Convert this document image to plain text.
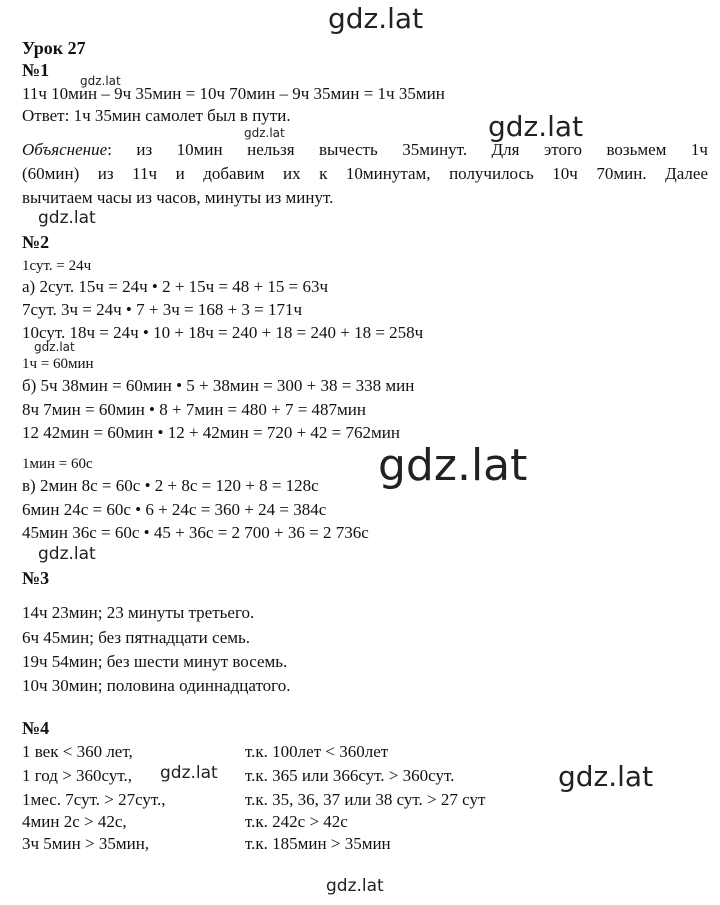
gdz.lat
gdz.lat
gdz.lat
gdz.lat
gdz.lat
gdz.lat
gdz.lat
gdz.lat
gdz.lat	gdz.lat
gdz.lat
Урок 27
№1
11ч 10мин – 9ч 35мин = 10ч 70мин – 9ч 35мин = 1ч 35мин
Ответ: 1ч 35мин самолет был в пути.
Объяснение: из 10мин нельзя вычесть 35минут. Для этого возьмем 1ч
(60мин) из 11ч и добавим их к 10минутам, получилось 10ч 70мин. Далее
вычитаем часы из часов, минуты из минут.
№2
1сут. = 24ч
а) 2сут. 15ч = 24ч • 2 + 15ч = 48 + 15 = 63ч
7сут. 3ч = 24ч • 7 + 3ч = 168 + 3 = 171ч
10сут. 18ч = 24ч • 10 + 18ч = 240 + 18 = 240 + 18 = 258ч
1ч = 60мин
б) 5ч 38мин = 60мин • 5 + 38мин = 300 + 38 = 338 мин
8ч 7мин = 60мин • 8 + 7мин = 480 + 7 = 487мин
12 42мин = 60мин • 12 + 42мин = 720 + 42 = 762мин
1мин = 60с
в) 2мин 8с = 60с • 2 + 8с = 120 + 8 = 128с
6мин 24с = 60с • 6 + 24с = 360 + 24 = 384с
45мин 36с = 60с • 45 + 36с = 2 700 + 36 = 2 736с
№3
14ч 23мин; 23 минуты третьего.
6ч 45мин; без пятнадцати семь.
19ч 54мин; без шести минут восемь.
10ч 30мин; половина одиннадцатого.
№4
1 век < 360 лет,	т.к. 100лет < 360лет
1 год > 360сут.,	т.к. 365 или 366сут. > 360сут.
1мес. 7сут. > 27сут.,	т.к. 35, 36, 37 или 38 сут. > 27 сут
4мин 2с > 42с,	т.к. 242с > 42с
3ч 5мин > 35мин,	т.к. 185мин > 35мин
